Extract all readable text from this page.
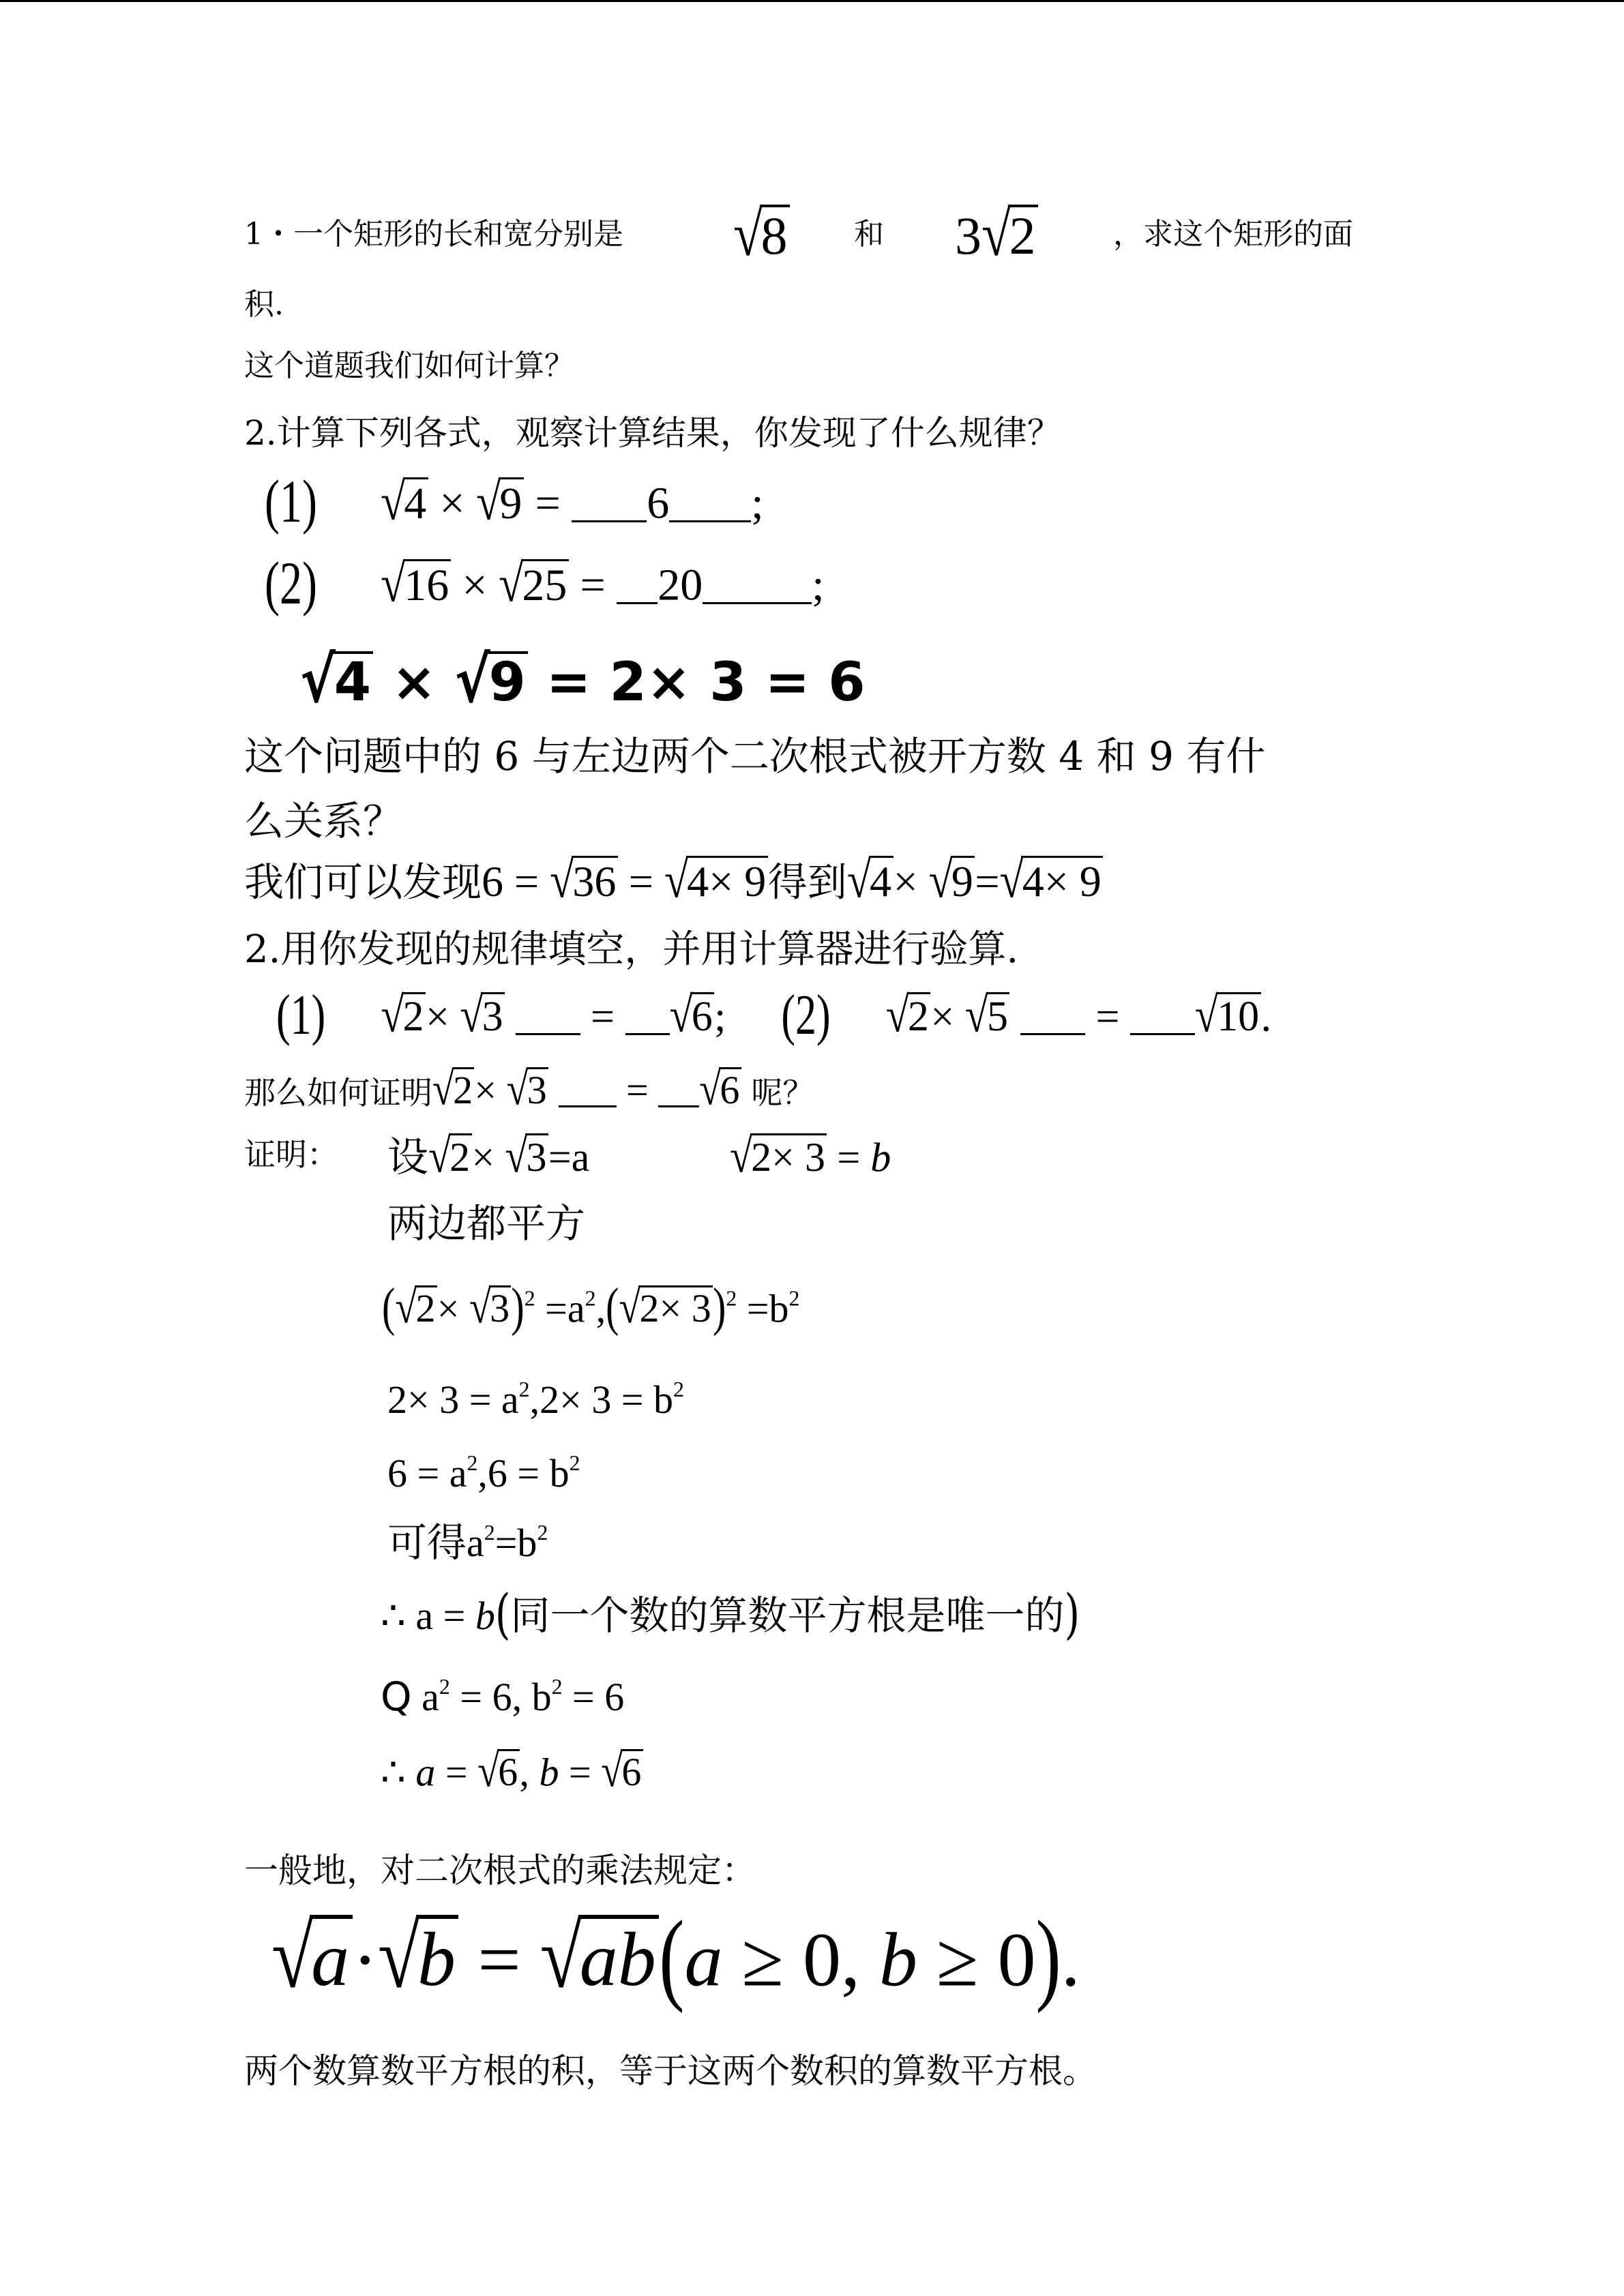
1・一个矩形的长和宽分别是 √8 和 3√2	，求这个矩形的面
积.
这个道题我们如何计算？
2.计算下列各式，观察计算结果，你发现了什么规律？
(1) √4 × √9 = 6 ;
(2) √16 × √25 = 20 ;
√4 × √9 = 2× 3 = 6
这个问题中的 6 与左边两个二次根式被开方数 4 和 9 有什
么关系？
我们可以发现6 = √36 = √4× 9得到√4× √9=√4× 9
2.用你发现的规律填空，并用计算器进行验算.
(1) √2× √3  = √6;  (2) √2× √5  = √10.
那么如何证明√2× √3  = √6 呢？
证明： 设√2× √3=a	√2× 3 = b
两边都平方
$(√2\times √3)^2 =a^2,(√2\times 3)^2 =b^2$
$2\times 3 = a^2,2\times 3 = b^2$
$6 = a^2,6 = b^2$
可得$a^2=b^2$
∴ a = b(同一个数的算数平方根是唯一的)
Q $a^2 = 6$, $b^2 = 6$
∴ a = √6, b = √6
一般地，对二次根式的乘法规定：
√a·√b = √ab(a ≥ 0, b ≥ 0).
两个数算数平方根的积，等于这两个数积的算数平方根。
